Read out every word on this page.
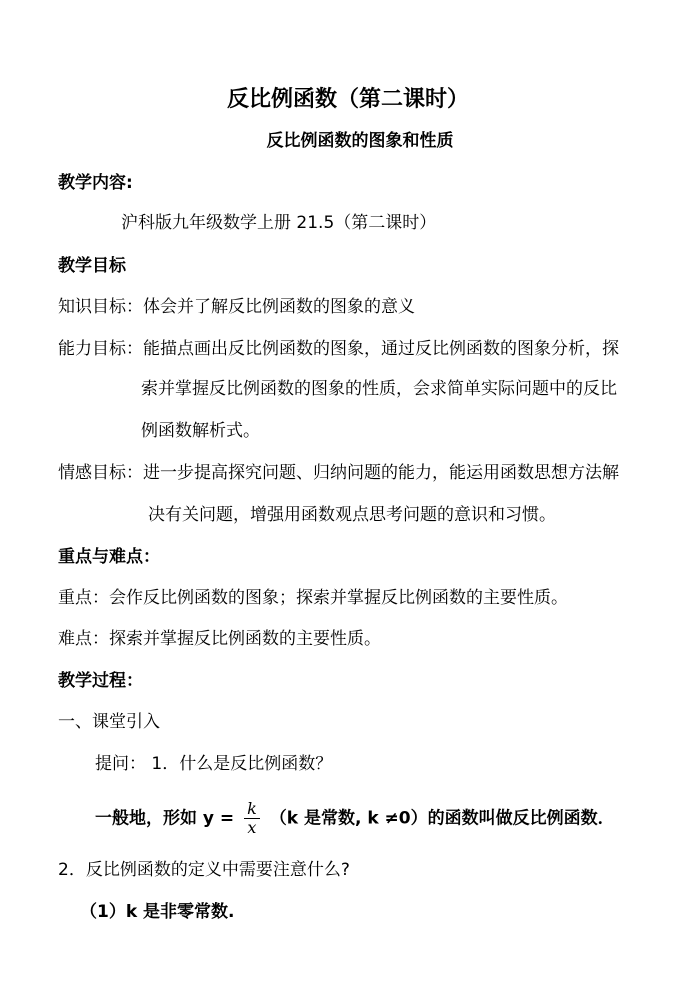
反比例函数（第二课时）
反比例函数的图象和性质
教学内容:
沪科版九年级数学上册 21.5（第二课时）
教学目标
知识目标：体会并了解反比例函数的图象的意义
能力目标：能描点画出反比例函数的图象，通过反比例函数的图象分析，探
索并掌握反比例函数的图象的性质，会求简单实际问题中的反比
例函数解析式。
情感目标：进一步提高探究问题、归纳问题的能力，能运用函数思想方法解
决有关问题，增强用函数观点思考问题的意识和习惯。
重点与难点：
重点：会作反比例函数的图象；探索并掌握反比例函数的主要性质。
难点：探索并掌握反比例函数的主要性质。
教学过程：
一、课堂引入
提问： 1．什么是反比例函数？
一般地，形如 $y = \frac{k}{x} (k$ 是常数, k ≠0）的函数叫做反比例函数．
2．反比例函数的定义中需要注意什么?
（1）k 是非零常数.
